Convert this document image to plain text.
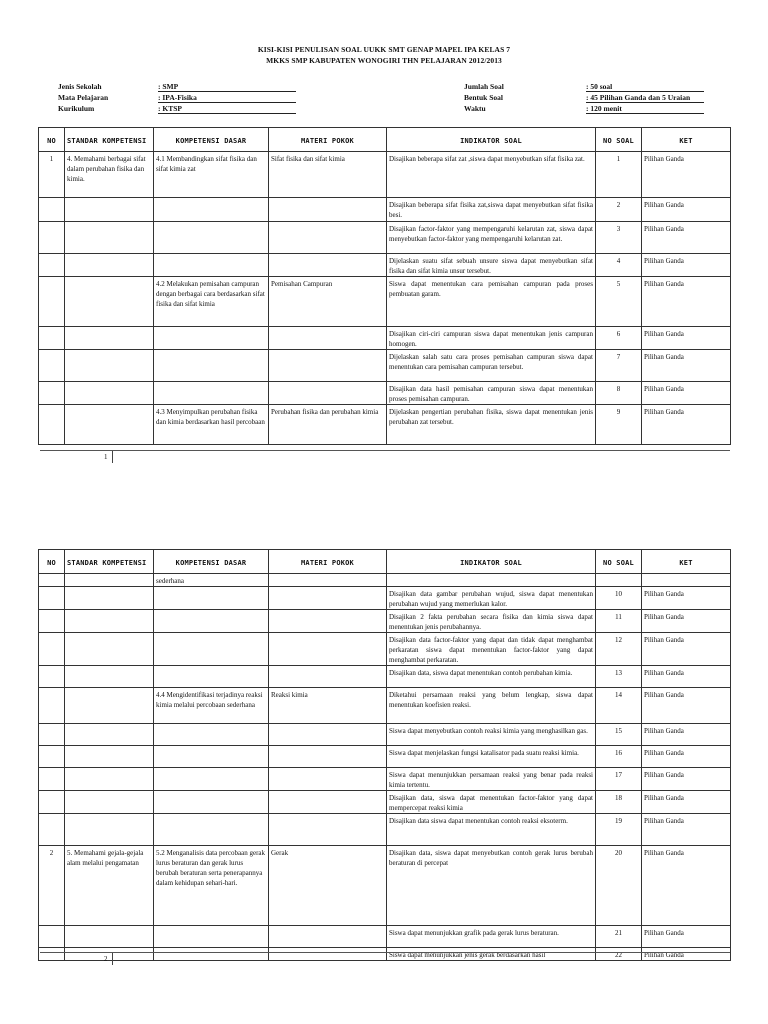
KISI-KISI PENULISAN SOAL UUKK SMT GENAP MAPEL IPA KELAS 7
MKKS SMP KABUPATEN WONOGIRI THN PELAJARAN 2012/2013
Jenis Sekolah	: SMP
Mata Pelajaran	: IPA-Fisika
Kurikulum	: KTSP
Jumlah Soal	: 50 soal
Bentuk Soal	: 45 Pilihan Ganda dan 5 Uraian
Waktu	: 120 menit
NO	STANDAR KOMPETENSI	KOMPETENSI DASAR	MATERI POKOK	INDIKATOR SOAL	NO SOAL	KET
1	4. Memahami berbagai sifat dalam perubahan fisika dan kimia.	4.1 Membandingkan sifat fisika dan sifat kimia zat	Sifat fisika dan sifat kimia	Disajikan beberapa sifat zat ,siswa dapat menyebutkan sifat fisika zat.	1	Pilihan Ganda
				Disajikan beberapa sifat fisika zat,siswa dapat menyebutkan sifat fisika besi.	2	Pilihan Ganda
				Disajikan factor-faktor yang mempengaruhi kelarutan zat, siswa dapat menyebutkan factor-faktor yang mempengaruhi kelarutan zat.	3	Pilihan Ganda
				Dijelaskan suatu sifat sebuah unsure siswa dapat menyebutkan sifat fisika dan sifat kimia unsur tersebut.	4	Pilihan Ganda
		4.2 Melakukan pemisahan campuran dengan berbagai cara berdasarkan sifat fisika dan sifat kimia	Pemisahan Campuran	Siswa dapat menentukan cara pemisahan campuran pada proses pembuatan garam.	5	Pilihan Ganda
				Disajikan ciri-ciri campuran siswa dapat menentukan jenis campuran homogen.	6	Pilihan Ganda
				Dijelaskan salah satu cara proses pemisahan campuran siswa dapat menentukan cara pemisahan campuran tersebut.	7	Pilihan Ganda
				Disajikan data hasil pemisahan campuran siswa dapat menentukan proses pemisahan campuran.	8	Pilihan Ganda
		4.3 Menyimpulkan perubahan fisika dan kimia berdasarkan hasil percobaan	Perubahan fisika dan perubahan kimia	Dijelaskan pengertian perubahan fisika, siswa dapat menentukan jenis perubahan zat tersebut.	9	Pilihan Ganda
1
NO	STANDAR KOMPETENSI	KOMPETENSI DASAR	MATERI POKOK	INDIKATOR SOAL	NO SOAL	KET
		sederhana				
				Disajikan data gambar perubahan wujud, siswa dapat menentukan perubahan wujud yang memerlukan kalor.	10	Pilihan Ganda
				Disajikan 2 fakta perubahan secara fisika dan kimia siswa dapat menentukan jenis perubahannya.	11	Pilihan Ganda
				Disajikan data factor-faktor yang dapat dan tidak dapat menghambat perkaratan siswa dapat menentukan factor-faktor yang dapat menghambat perkaratan.	12	Pilihan Ganda
				Disajikan data, siswa dapat menentukan contoh perubahan kimia.	13	Pilihan Ganda
		4.4 Mengidentifikasi terjadinya reaksi kimia melalui percobaan sederhana	Reaksi kimia	Diketahui persamaan reaksi yang belum lengkap, siswa dapat menentukan koefisien reaksi.	14	Pilihan Ganda
				Siswa dapat menyebutkan contoh reaksi kimia yang menghasilkan gas.	15	Pilihan Ganda
				Siswa dapat menjelaskan fungsi katalisator pada suatu reaksi kimia.	16	Pilihan Ganda
				Siswa dapat menunjukkan persamaan reaksi yang benar pada reaksi kimia tertentu.	17	Pilihan Ganda
				Disajikan data, siswa dapat menentukan factor-faktor yang dapat mempercepat reaksi kimia	18	Pilihan Ganda
				Disajikan data siswa dapat menentukan contoh reaksi eksoterm.	19	Pilihan Ganda
2	5. Memahami gejala-gejala alam melalui pengamatan	5.2 Menganalisis data percobaan gerak lurus beraturan dan gerak lurus berubah beraturan serta penerapannya dalam kehidupan sehari-hari.	Gerak	Disajikan data, siswa dapat menyebutkan contoh gerak lurus berubah beraturan di percepat	20	Pilihan Ganda
				Siswa dapat menunjukkan grafik pada gerak lurus beraturan.	21	Pilihan Ganda
				Siswa dapat menunjukkan jenis gerak berdasarkan hasil	22	Pilihan Ganda
2
